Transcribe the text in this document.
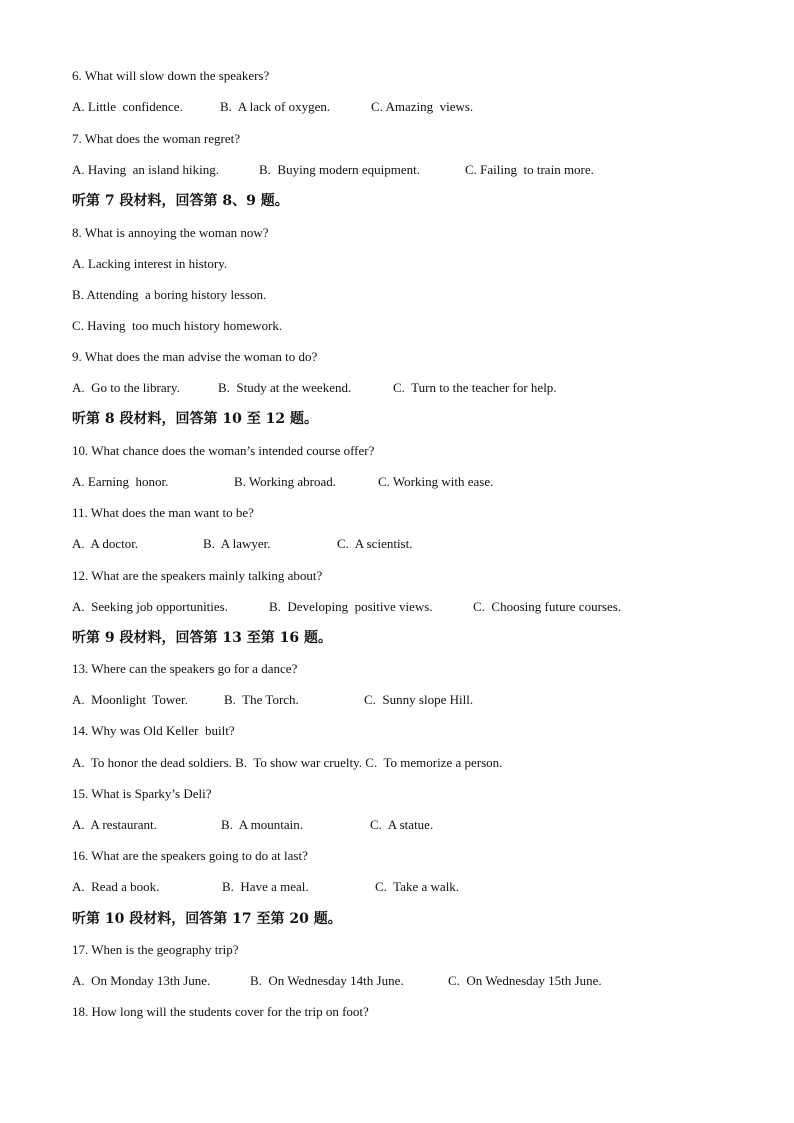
6. What will slow down the speakers?
A. Little  confidence.	B.  A lack of oxygen.	C. Amazing  views.
7. What does the woman regret?
A. Having  an island hiking.	B.  Buying modern equipment.	C. Failing  to train more.
听第 7 段材料，回答第 8、9 题。
8. What is annoying the woman now?
A. Lacking interest in history.
B. Attending  a boring history lesson.
C. Having  too much history homework.
9. What does the man advise the woman to do?
A.  Go to the library.	B.  Study at the weekend.	C.  Turn to the teacher for help.
听第 8 段材料，回答第 10 至 12 题。
10. What chance does the woman’s intended course offer?
A. Earning  honor.	B. Working abroad.	C. Working with ease.
11. What does the man want to be?
A.  A doctor.	B.  A lawyer.	C.  A scientist.
12. What are the speakers mainly talking about?
A.  Seeking job opportunities.	B.  Developing  positive views.	C.  Choosing future courses.
听第 9 段材料，回答第 13 至第 16 题。
13. Where can the speakers go for a dance?
A.  Moonlight  Tower.	B.  The Torch.	C.  Sunny slope Hill.
14. Why was Old Keller  built?
A.  To honor the dead soldiers. B.  To show war cruelty. C.  To memorize a person.
15. What is Sparky’s Deli?
A.  A restaurant.	B.  A mountain.	C.  A statue.
16. What are the speakers going to do at last?
A.  Read a book.	B.  Have a meal.	C.  Take a walk.
听第 10 段材料，回答第 17 至第 20 题。
17. When is the geography trip?
A.  On Monday 13th June.	B.  On Wednesday 14th June.	C.  On Wednesday 15th June.
18. How long will the students cover for the trip on foot?
